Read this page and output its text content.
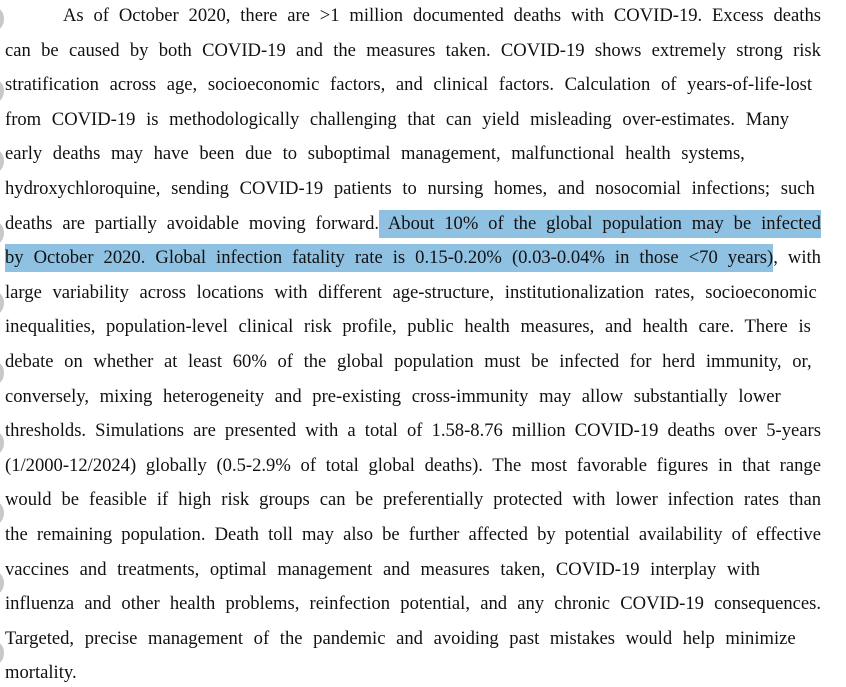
As of October 2020, there are >1 million documented deaths with COVID-19. Excess deaths
can be caused by both COVID-19 and the measures taken. COVID-19 shows extremely strong risk
stratification across age, socioeconomic factors, and clinical factors. Calculation of years-of-life-lost
from COVID-19 is methodologically challenging that can yield misleading over-estimates. Many
early deaths may have been due to suboptimal management, malfunctional health systems,
hydroxychloroquine, sending COVID-19 patients to nursing homes, and nosocomial infections; such
deaths are partially avoidable moving forward. About 10% of the global population may be infected
by October 2020. Global infection fatality rate is 0.15-0.20% (0.03-0.04% in those <70 years), with
large variability across locations with different age-structure, institutionalization rates, socioeconomic
inequalities, population-level clinical risk profile, public health measures, and health care. There is
debate on whether at least 60% of the global population must be infected for herd immunity, or,
conversely, mixing heterogeneity and pre-existing cross-immunity may allow substantially lower
thresholds. Simulations are presented with a total of 1.58-8.76 million COVID-19 deaths over 5-years
(1/2000-12/2024) globally (0.5-2.9% of total global deaths). The most favorable figures in that range
would be feasible if high risk groups can be preferentially protected with lower infection rates than
the remaining population. Death toll may also be further affected by potential availability of effective
vaccines and treatments, optimal management and measures taken, COVID-19 interplay with
influenza and other health problems, reinfection potential, and any chronic COVID-19 consequences.
Targeted, precise management of the pandemic and avoiding past mistakes would help minimize
mortality.
